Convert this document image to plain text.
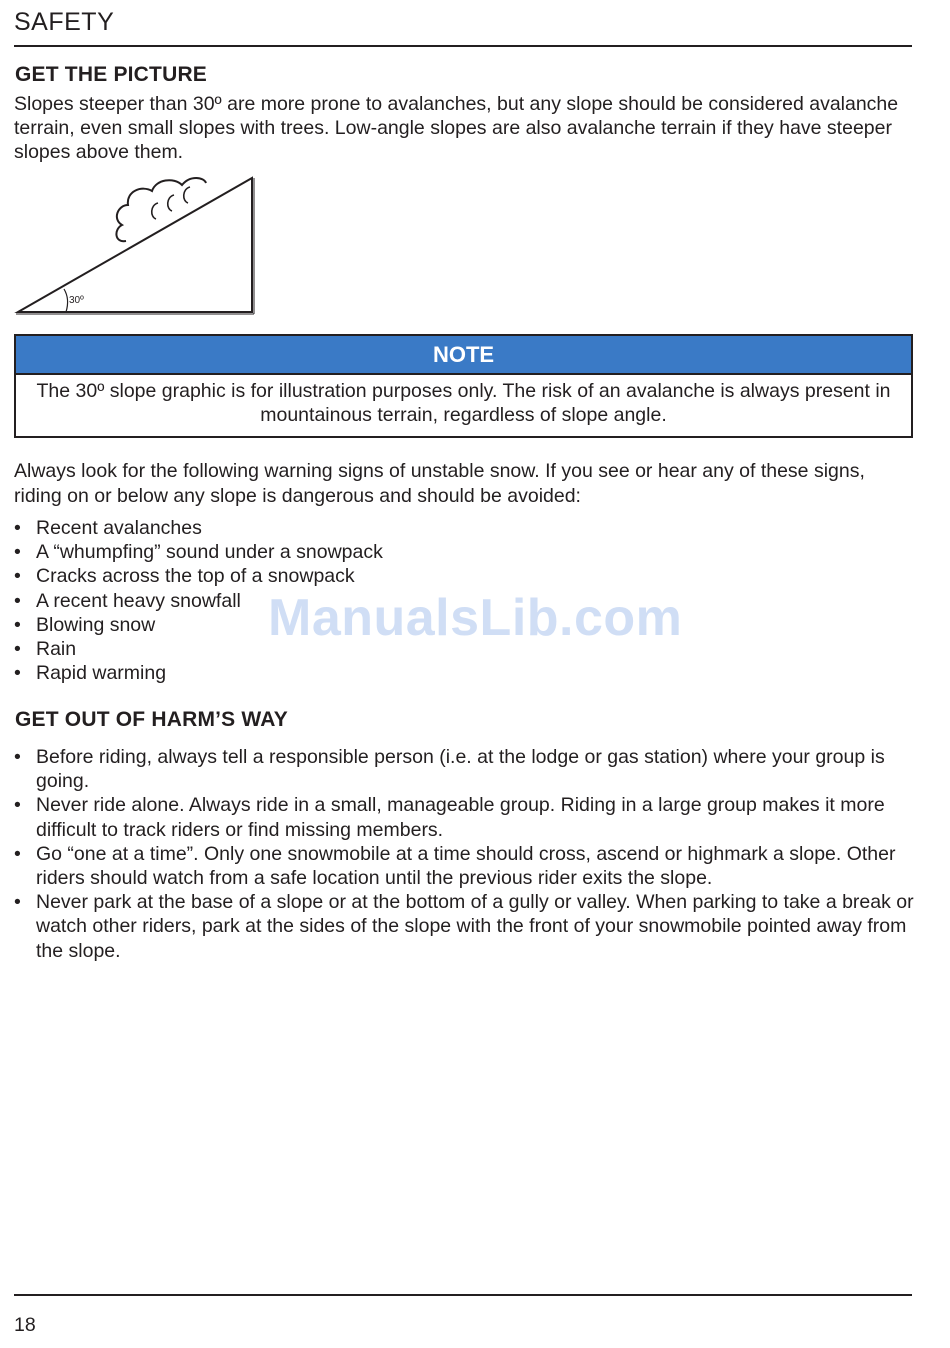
SAFETY
GET THE PICTURE

Slopes steeper than 30º are more prone to avalanches, but any slope should be considered avalanche terrain, even small slopes with trees. Low-angle slopes are also avalanche terrain if they have steeper slopes above them.

30º
NOTE
The 30º slope graphic is for illustration purposes only. The risk of an avalanche is always present in mountainous terrain, regardless of slope angle.

Always look for the following warning signs of unstable snow. If you see or hear any of these signs, riding on or below any slope is dangerous and should be avoided:

• Recent avalanches
• A “whumpfing” sound under a snowpack
• Cracks across the top of a snowpack
• A recent heavy snowfall
• Blowing snow
• Rain
• Rapid warming
ManualsLib.com
GET OUT OF HARM’S WAY
• Before riding, always tell a responsible person (i.e. at the lodge or gas station) where your group is going.
• Never ride alone. Always ride in a small, manageable group. Riding in a large group makes it more difficult to track riders or find missing members.
• Go “one at a time”. Only one snowmobile at a time should cross, ascend or highmark a slope. Other riders should watch from a safe location until the previous rider exits the slope.
• Never park at the base of a slope or at the bottom of a gully or valley. When parking to take a break or watch other riders, park at the sides of the slope with the front of your snowmobile pointed away from the slope.
18
